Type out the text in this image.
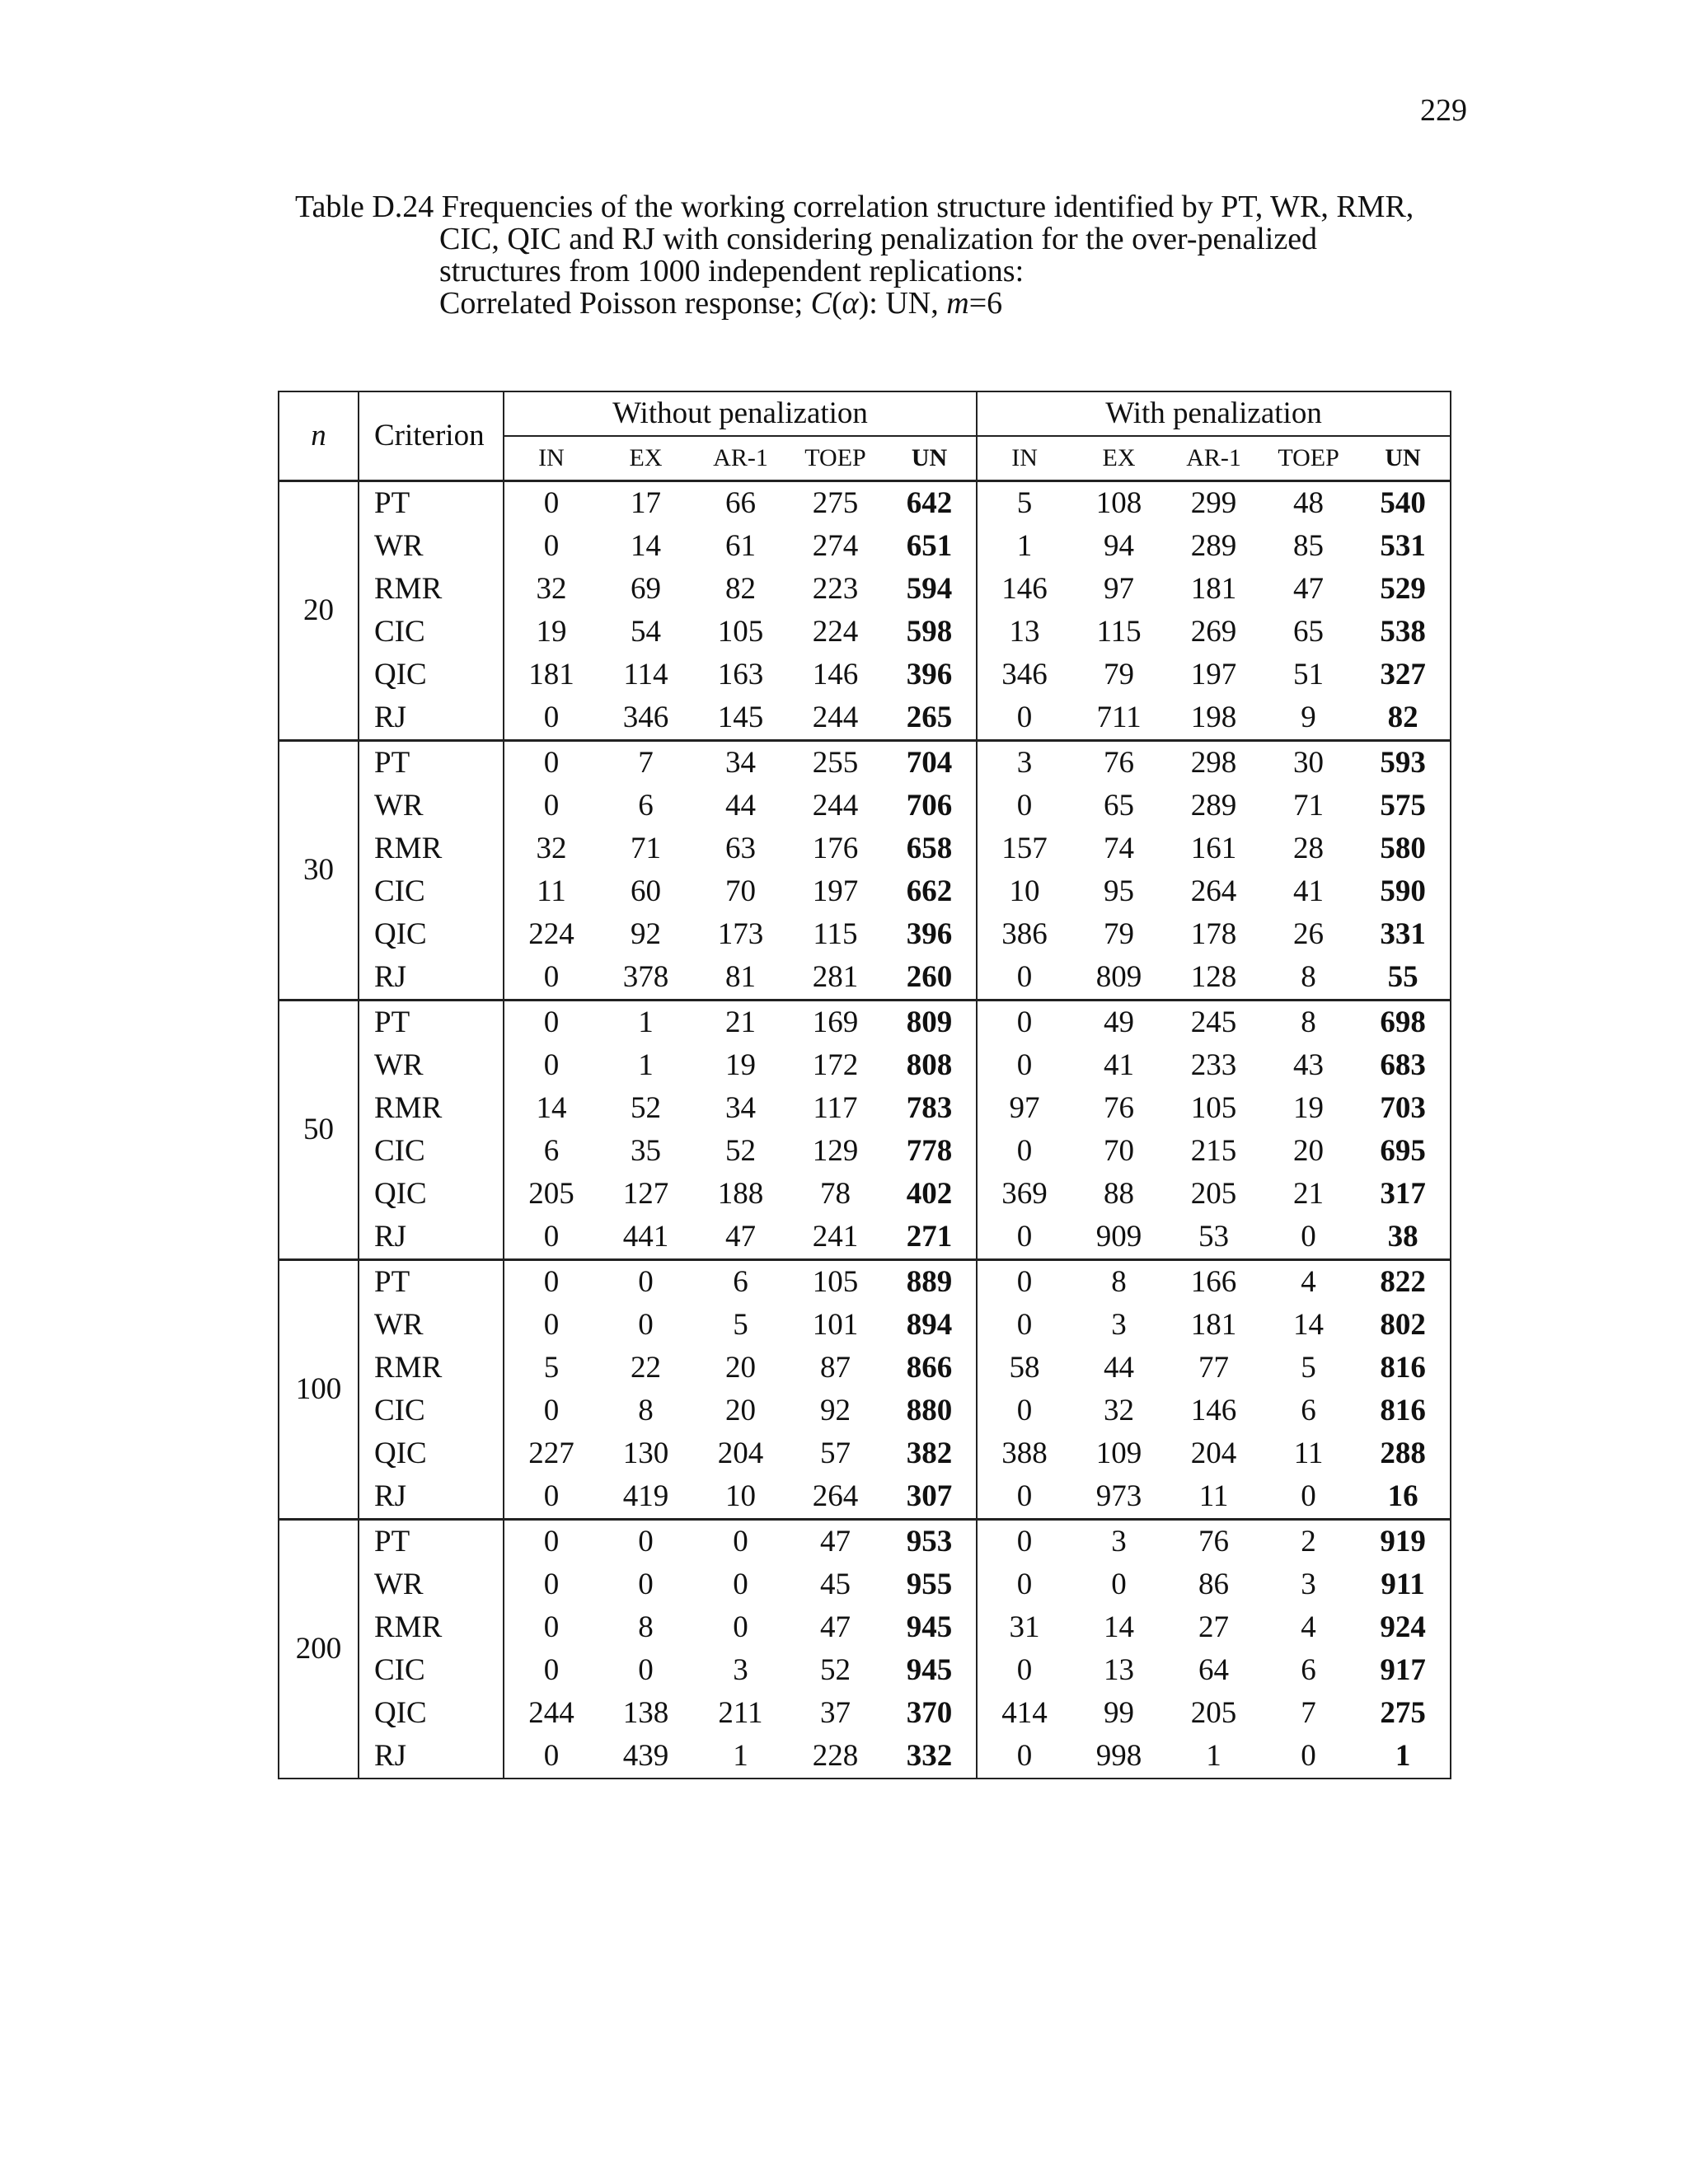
229
Table D.24 Frequencies of the working correlation structure identified by PT, WR, RMR,
CIC, QIC and RJ with considering penalization for the over-penalized
structures from 1000 independent replications:
Correlated Poisson response; C(α): UN, m=6
n	Criterion	Without penalization					With penalization				
		IN	EX	AR-1	TOEP	UN	IN	EX	AR-1	TOEP	UN
20	PT	0	17	66	275	642	5	108	299	48	540
	WR	0	14	61	274	651	1	94	289	85	531
	RMR	32	69	82	223	594	146	97	181	47	529
	CIC	19	54	105	224	598	13	115	269	65	538
	QIC	181	114	163	146	396	346	79	197	51	327
	RJ	0	346	145	244	265	0	711	198	9	82
30	PT	0	7	34	255	704	3	76	298	30	593
	WR	0	6	44	244	706	0	65	289	71	575
	RMR	32	71	63	176	658	157	74	161	28	580
	CIC	11	60	70	197	662	10	95	264	41	590
	QIC	224	92	173	115	396	386	79	178	26	331
	RJ	0	378	81	281	260	0	809	128	8	55
50	PT	0	1	21	169	809	0	49	245	8	698
	WR	0	1	19	172	808	0	41	233	43	683
	RMR	14	52	34	117	783	97	76	105	19	703
	CIC	6	35	52	129	778	0	70	215	20	695
	QIC	205	127	188	78	402	369	88	205	21	317
	RJ	0	441	47	241	271	0	909	53	0	38
100	PT	0	0	6	105	889	0	8	166	4	822
	WR	0	0	5	101	894	0	3	181	14	802
	RMR	5	22	20	87	866	58	44	77	5	816
	CIC	0	8	20	92	880	0	32	146	6	816
	QIC	227	130	204	57	382	388	109	204	11	288
	RJ	0	419	10	264	307	0	973	11	0	16
200	PT	0	0	0	47	953	0	3	76	2	919
	WR	0	0	0	45	955	0	0	86	3	911
	RMR	0	8	0	47	945	31	14	27	4	924
	CIC	0	0	3	52	945	0	13	64	6	917
	QIC	244	138	211	37	370	414	99	205	7	275
	RJ	0	439	1	228	332	0	998	1	0	1
